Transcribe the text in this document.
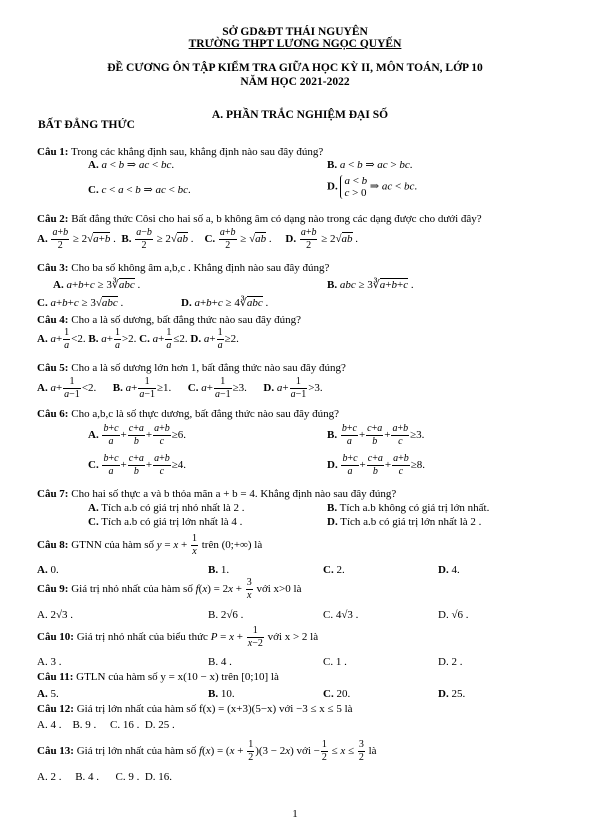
SỞ GD&ĐT THÁI NGUYÊN
TRƯỜNG THPT LƯƠNG NGỌC QUYẾN
ĐỀ CƯƠNG ÔN TẬP KIỂM TRA GIỮA HỌC KỲ II, MÔN TOÁN, LỚP 10
NĂM HỌC 2021-2022
A. PHẦN TRẮC NGHIỆM ĐẠI SỐ
BẤT ĐẲNG THỨC
Câu 1: Trong các khẳng định sau, khẳng định nào sau đây đúng?
A. a < b ⇒ ac < bc.	B. a < b ⇒ ac > bc.
C. c < a < b ⇒ ac < bc.	D. a < b
c > 0 ⇒ ac < bc.
Câu 2: Bất đẳng thức Côsi cho hai số a, b không âm có dạng nào trong các dạng được cho dưới đây?
A. $\frac{a+b}{2} \ge 2√a+b$ .  B. $\frac{a-b}{2} \ge 2√ab$ .    C. $\frac{a+b}{2} \ge √ab$ .     D. $\frac{a+b}{2} \ge 2√ab$ .
Câu 3: Cho ba số không âm a,b,c . Khẳng định nào sau đây đúng?
A. a+b+c ≥ 3∛abc .	B. abc ≥ 3∛a+b+c .
C. a+b+c ≥ 3√abc .	D. a+b+c ≥ 4∛abc .
Câu 4: Cho a là số dương, bất đẳng thức nào sau đây đúng?
A. $a+ \frac{1}{a} <2$. B. $a+ \frac{1}{a} >2$. C. $a+ \frac{1}{a} \le 2$. D. $a+ \frac{1}{a} \ge 2$.
Câu 5: Cho a là số dương lớn hơn 1, bất đẳng thức nào sau đây đúng?
A. $a+ \frac{1}{a-1} <2$.      B. $a+ \frac{1}{a-1} \ge 1$.      C. $a+ \frac{1}{a-1} \ge 3$.      D. $a+ \frac{1}{a-1} >3$.
Câu 6: Cho a,b,c là số thực dương, bất đẳng thức nào sau đây đúng?
A. $\frac{b+c}{a} + \frac{c+a}{b} + \frac{a+b}{c} \ge 6$.	B. $\frac{b+c}{a} + \frac{c+a}{b} + \frac{a+b}{c} \ge 3$.
C. $\frac{b+c}{a} + \frac{c+a}{b} + \frac{a+b}{c} \ge 4$.	D. $\frac{b+c}{a} + \frac{c+a}{b} + \frac{a+b}{c} \ge 8$.
Câu 7: Cho hai số thực a và b thỏa mãn a + b = 4. Khẳng định nào sau đây đúng?
A. Tích a.b có giá trị nhỏ nhất là 2 .	B. Tích a.b không có giá trị lớn nhất.
C. Tích a.b có giá trị lớn nhất là 4 .	D. Tích a.b có giá trị lớn nhất là 2 .
Câu 8: GTNN của hàm số $y = x + \frac{1}{x}$ trên (0;+∞) là
A. 0.	B. 1.	C. 2.	D. 4.
Câu 9: Giá trị nhỏ nhất của hàm số $f(x) = 2x + \frac{3}{x}$ với x>0 là
A. 2√3 .	B. 2√6 .	C. 4√3 .	D. √6 .
Câu 10: Giá trị nhỏ nhất của biểu thức $P = x + \frac{1}{x-2}$ với x > 2 là
A. 3 .	B. 4 .	C. 1 .	D. 2 .
Câu 11: GTLN của hàm số y = x(10 − x) trên [0;10] là
A. 5.	B. 10.	C. 20.	D. 25.
Câu 12: Giá trị lớn nhất của hàm số f(x) = (x+3)(5−x) với −3 ≤ x ≤ 5 là
A. 4 .    B. 9 .     C. 16 .  D. 25 .
Câu 13: Giá trị lớn nhất của hàm số $f(x) = (x + \frac{1}{2} )(3 - 2x)$ với − $\frac{1}{2} \le x \le \frac{3}{2}$ là
A. 2 .     B. 4 .      C. 9 .  D. 16.
1
